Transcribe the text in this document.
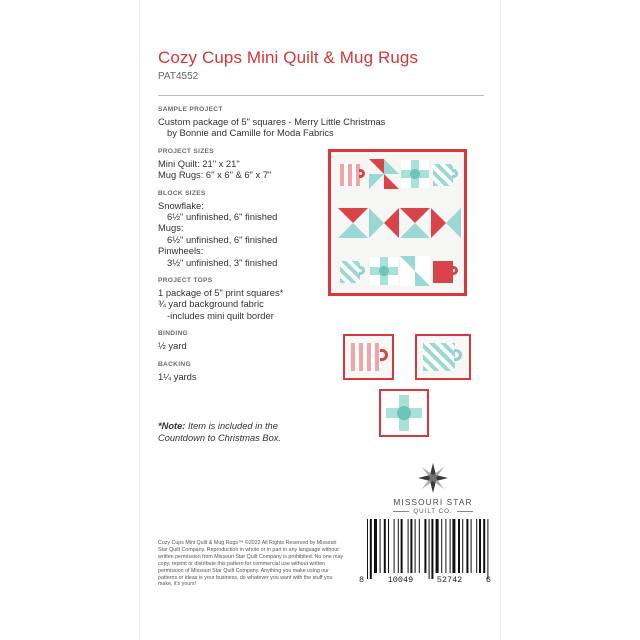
Cozy Cups Mini Quilt & Mug Rugs
PAT4552
SAMPLE PROJECT
Custom package of 5" squares - Merry Little Christmas
by Bonnie and Camille for Moda Fabrics
PROJECT SIZES
Mini Quilt: 21" x 21"
Mug Rugs: 6" x 6" & 6" x 7"
BLOCK SIZES
Snowflake:
6½" unfinished, 6" finished
Mugs:
6½" unfinished, 6" finished
Pinwheels:
3½" unfinished, 3" finished
PROJECT TOPS
1 package of 5" print squares*
¾ yard background fabric
-includes mini quilt border
BINDING
½ yard
BACKING
1¼ yards
*Note: Item is included in the
Countdown to Christmas Box.
MISSOURI STAR
QUILT CO.
Cozy Cups Mini Quilt & Mug Rugs™ ©2022 All Rights Reserved by Missouri Star Quilt Company. Reproduction in whole or in part in any language without written permission from Missouri Star Quilt Company is prohibited. No one may copy, reprint or distribute this pattern for commercial use without written permission of Missouri Star Quilt Company. Anything you make using our patterns or ideas is your business, do whatever you want with the stuff you make, it's yours!	8	10049	52742	6
